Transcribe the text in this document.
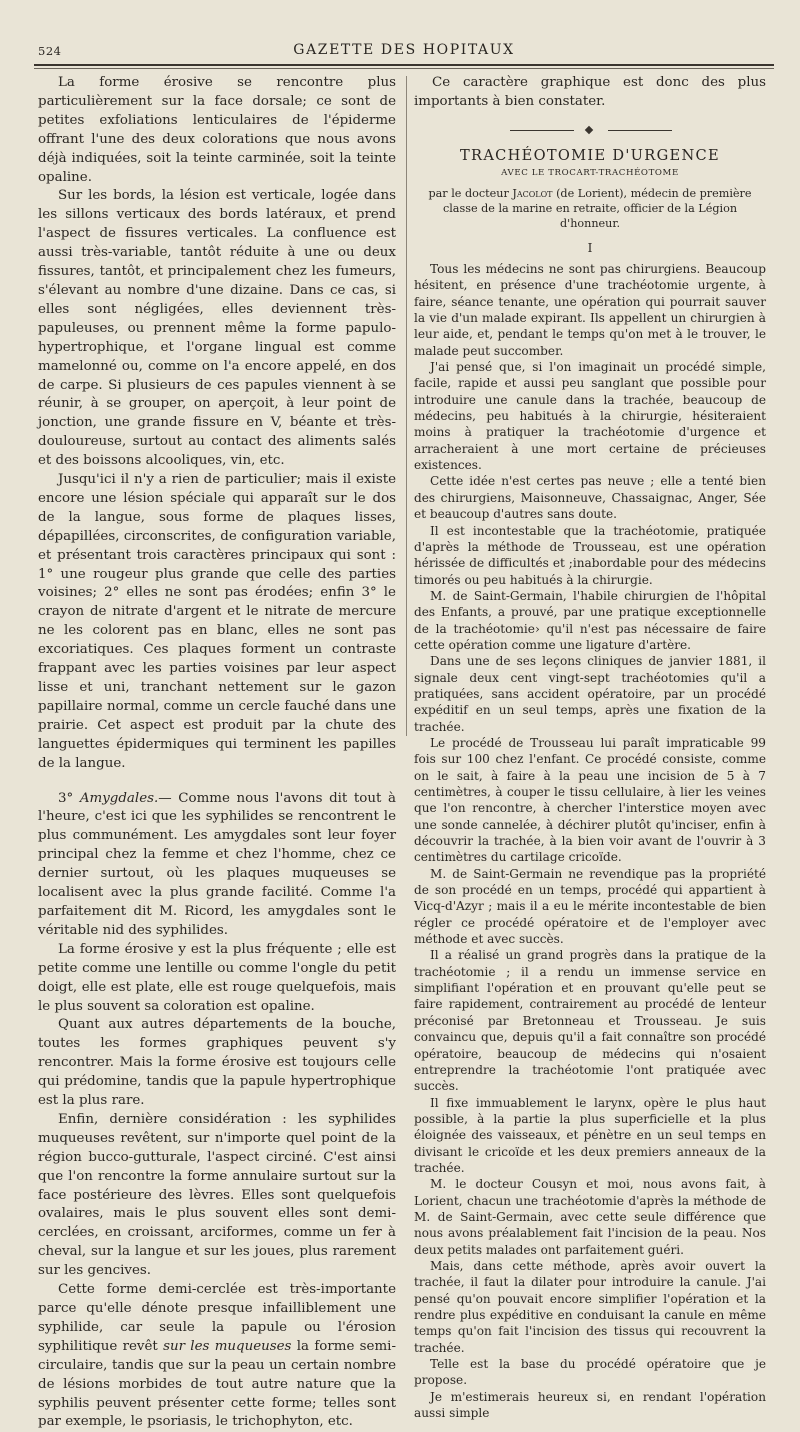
524	GAZETTE DES HOPITAUX

La forme érosive se rencontre plus particulièrement sur la face dorsale; ce sont de petites exfoliations lenticulaires de l'épiderme offrant l'une des deux colorations que nous avons déjà indiquées, soit la teinte carminée, soit la teinte opaline.

Sur les bords, la lésion est verticale, logée dans les sillons verticaux des bords latéraux, et prend l'aspect de fissures verticales. La confluence est aussi très-variable, tantôt réduite à une ou deux fissures, tantôt, et principalement chez les fumeurs, s'élevant au nombre d'une dizaine. Dans ce cas, si elles sont négligées, elles deviennent très-papuleuses, ou prennent même la forme papulo-hypertrophique, et l'organe lingual est comme mamelonné ou, comme on l'a encore appelé, en dos de carpe. Si plusieurs de ces papules viennent à se réunir, à se grouper, on aperçoit, à leur point de jonction, une grande fissure en V, béante et très-douloureuse, surtout au contact des aliments salés et des boissons alcooliques, vin, etc.

Jusqu'ici il n'y a rien de particulier; mais il existe encore une lésion spéciale qui apparaît sur le dos de la langue, sous forme de plaques lisses, dépapillées, circonscrites, de configuration variable, et présentant trois caractères principaux qui sont : 1° une rougeur plus grande que celle des parties voisines; 2° elles ne sont pas érodées; enfin 3° le crayon de nitrate d'argent et le nitrate de mercure ne les colorent pas en blanc, elles ne sont pas excoriatiques. Ces plaques forment un contraste frappant avec les parties voisines par leur aspect lisse et uni, tranchant nettement sur le gazon papillaire normal, comme un cercle fauché dans une prairie. Cet aspect est produit par la chute des languettes épidermiques qui terminent les papilles de la langue.

3° Amygdales.— Comme nous l'avons dit tout à l'heure, c'est ici que les syphilides se rencontrent le plus communément. Les amygdales sont leur foyer principal chez la femme et chez l'homme, chez ce dernier surtout, où les plaques muqueuses se localisent avec la plus grande facilité. Comme l'a parfaitement dit M. Ricord, les amygdales sont le véritable nid des syphilides.

La forme érosive y est la plus fréquente ; elle est petite comme une lentille ou comme l'ongle du petit doigt, elle est plate, elle est rouge quelquefois, mais le plus souvent sa coloration est opaline.

Quant aux autres départements de la bouche, toutes les formes graphiques peuvent s'y rencontrer. Mais la forme érosive est toujours celle qui prédomine, tandis que la papule hypertrophique est la plus rare.

Enfin, dernière considération : les syphilides muqueuses revêtent, sur n'importe quel point de la région bucco-gutturale, l'aspect circiné. C'est ainsi que l'on rencontre la forme annulaire surtout sur la face postérieure des lèvres. Elles sont quelquefois ovalaires, mais le plus souvent elles sont demi-cerclées, en croissant, arciformes, comme un fer à cheval, sur la langue et sur les joues, plus rarement sur les gencives.

Cette forme demi-cerclée est très-importante parce qu'elle dénote presque infailliblement une syphilide, car seule la papule ou l'érosion syphilitique revêt sur les muqueuses la forme semi-circulaire, tandis que sur la peau un certain nombre de lésions morbides de tout autre nature que la syphilis peuvent présenter cette forme; telles sont par exemple, le psoriasis, le trichophyton, etc.

Ce caractère graphique est donc des plus importants à bien constater.

TRACHÉOTOMIE D'URGENCE
AVEC LE TROCART-TRACHÉOTOME

par le docteur Jacolot (de Lorient), médecin de première classe de la marine en retraite, officier de la Légion d'honneur.

I

Tous les médecins ne sont pas chirurgiens. Beaucoup hésitent, en présence d'une trachéotomie urgente, à faire, séance tenante, une opération qui pourrait sauver la vie d'un malade expirant. Ils appellent un chirurgien à leur aide, et, pendant le temps qu'on met à le trouver, le malade peut succomber.

J'ai pensé que, si l'on imaginait un procédé simple, facile, rapide et aussi peu sanglant que possible pour introduire une canule dans la trachée, beaucoup de médecins, peu habitués à la chirurgie, hésiteraient moins à pratiquer la trachéotomie d'urgence et arracheraient à une mort certaine de précieuses existences.

Cette idée n'est certes pas neuve ; elle a tenté bien des chirurgiens, Maisonneuve, Chassaignac, Anger, Sée et beaucoup d'autres sans doute.

Il est incontestable que la trachéotomie, pratiquée d'après la méthode de Trousseau, est une opération hérissée de difficultés et ;inabordable pour des médecins timorés ou peu habitués à la chirurgie.

M. de Saint-Germain, l'habile chirurgien de l'hôpital des Enfants, a prouvé, par une pratique exceptionnelle de la trachéotomie› qu'il n'est pas nécessaire de faire cette opération comme une ligature d'artère.

Dans une de ses leçons cliniques de janvier 1881, il signale deux cent vingt-sept trachéotomies qu'il a pratiquées, sans accident opératoire, par un procédé expéditif en un seul temps, après une fixation de la trachée.

Le procédé de Trousseau lui paraît impraticable 99 fois sur 100 chez l'enfant. Ce procédé consiste, comme on le sait, à faire à la peau une incision de 5 à 7 centimètres, à couper le tissu cellulaire, à lier les veines que l'on rencontre, à chercher l'interstice moyen avec une sonde cannelée, à déchirer plutôt qu'inciser, enfin à découvrir la trachée, à la bien voir avant de l'ouvrir à 3 centimètres du cartilage cricoïde.

M. de Saint-Germain ne revendique pas la propriété de son procédé en un temps, procédé qui appartient à Vicq-d'Azyr ; mais il a eu le mérite incontestable de bien régler ce procédé opératoire et de l'employer avec méthode et avec succès.

Il a réalisé un grand progrès dans la pratique de la trachéotomie ; il a rendu un immense service en simplifiant l'opération et en prouvant qu'elle peut se faire rapidement, contrairement au procédé de lenteur préconisé par Bretonneau et Trousseau. Je suis convaincu que, depuis qu'il a fait connaître son procédé opératoire, beaucoup de médecins qui n'osaient entreprendre la trachéotomie l'ont pratiquée avec succès.

Il fixe immuablement le larynx, opère le plus haut possible, à la partie la plus superficielle et la plus éloignée des vaisseaux, et pénètre en un seul temps en divisant le cricoïde et les deux premiers anneaux de la trachée.

M. le docteur Cousyn et moi, nous avons fait, à Lorient, chacun une trachéotomie d'après la méthode de M. de Saint-Germain, avec cette seule différence que nous avons préalablement fait l'incision de la peau. Nos deux petits malades ont parfaitement guéri.

Mais, dans cette méthode, après avoir ouvert la trachée, il faut la dilater pour introduire la canule. J'ai pensé qu'on pouvait encore simplifier l'opération et la rendre plus expéditive en conduisant la canule en même temps qu'on fait l'incision des tissus qui recouvrent la trachée.

Telle est la base du procédé opératoire que je propose.

Je m'estimerais heureux si, en rendant l'opération aussi simple
